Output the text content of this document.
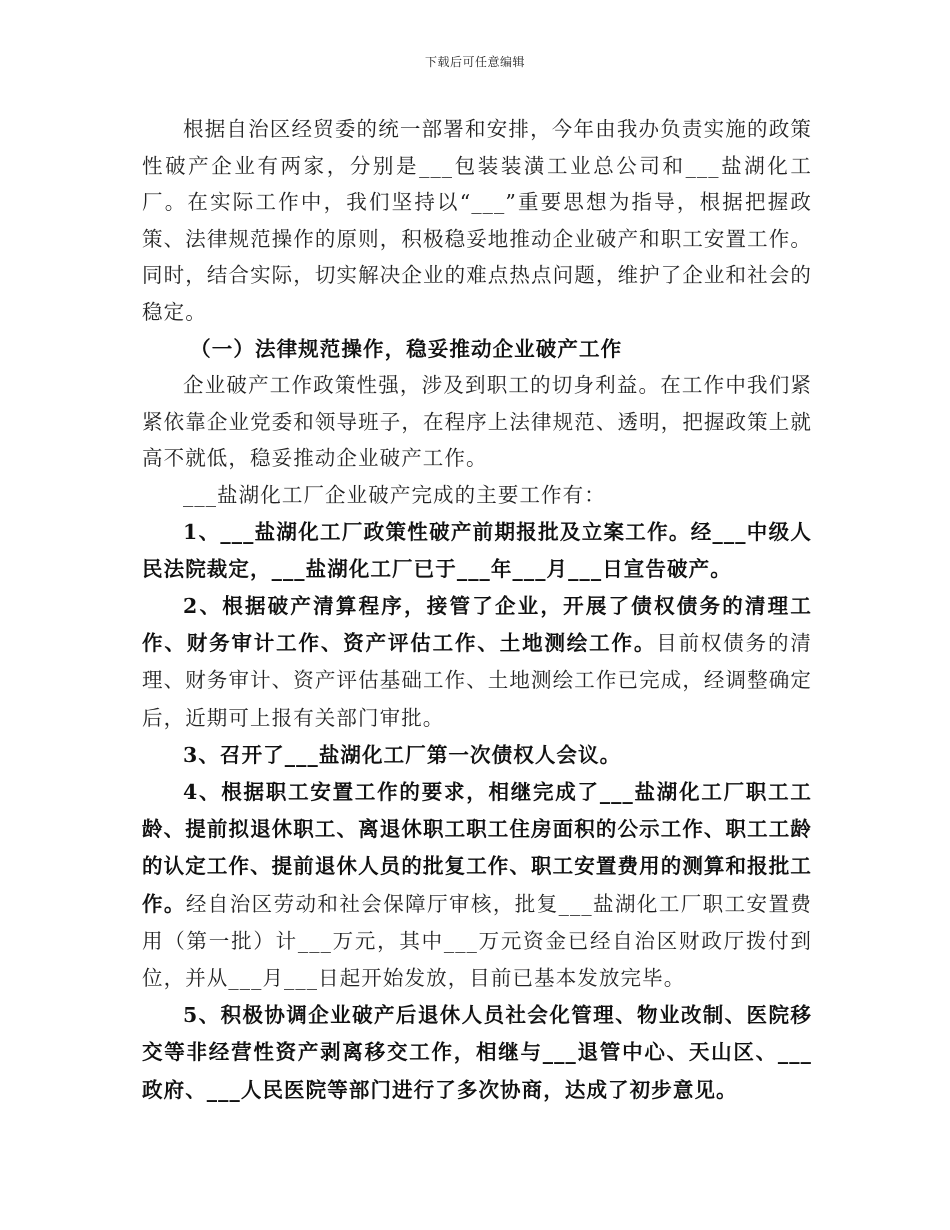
下载后可任意编辑

根据自治区经贸委的统一部署和安排，今年由我办负责实施的政策性破产企业有两家，分别是___包装装潢工业总公司和___盐湖化工厂。在实际工作中，我们坚持以“___”重要思想为指导，根据把握政策、法律规范操作的原则，积极稳妥地推动企业破产和职工安置工作。同时，结合实际，切实解决企业的难点热点问题，维护了企业和社会的稳定。

（一）法律规范操作，稳妥推动企业破产工作

企业破产工作政策性强，涉及到职工的切身利益。在工作中我们紧紧依靠企业党委和领导班子，在程序上法律规范、透明，把握政策上就高不就低，稳妥推动企业破产工作。

___盐湖化工厂企业破产完成的主要工作有：

1、___盐湖化工厂政策性破产前期报批及立案工作。经___中级人民法院裁定，___盐湖化工厂已于___年___月___日宣告破产。

2、根据破产清算程序，接管了企业，开展了债权债务的清理工作、财务审计工作、资产评估工作、土地测绘工作。目前权债务的清理、财务审计、资产评估基础工作、土地测绘工作已完成，经调整确定后，近期可上报有关部门审批。

3、召开了___盐湖化工厂第一次债权人会议。

4、根据职工安置工作的要求，相继完成了___盐湖化工厂职工工龄、提前拟退休职工、离退休职工职工住房面积的公示工作、职工工龄的认定工作、提前退休人员的批复工作、职工安置费用的测算和报批工作。经自治区劳动和社会保障厅审核，批复___盐湖化工厂职工安置费用（第一批）计___万元，其中___万元资金已经自治区财政厅拨付到位，并从___月___日起开始发放，目前已基本发放完毕。

5、积极协调企业破产后退休人员社会化管理、物业改制、医院移交等非经营性资产剥离移交工作，相继与___退管中心、天山区、___政府、___人民医院等部门进行了多次协商，达成了初步意见。
